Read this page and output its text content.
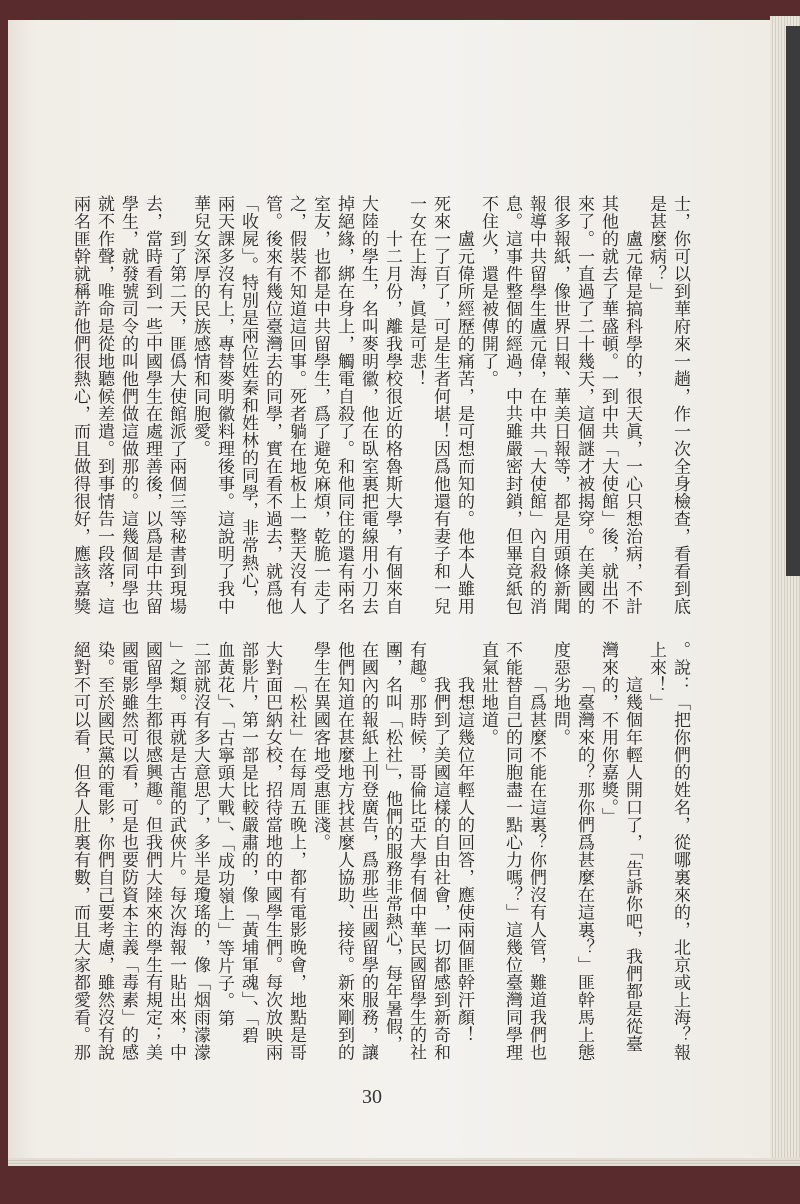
士，你可以到華府來一趟，作一次全身檢查，看看到底
是甚麼病？」
盧元偉是搞科學的，很天眞，一心只想治病，不計
其他的就去了華盛頓。一到中共「大使館」後，就出不
來了。一直過了二十幾天，這個謎才被揭穿。在美國的
很多報紙，像世界日報、華美日報等，都是用頭條新聞
報導中共留學生盧元偉，在中共「大使館」內自殺的消
息。這事件整個的經過，中共雖嚴密封鎖，但畢竟紙包
不住火，還是被傳開了。
盧元偉所經歷的痛苦，是可想而知的。他本人雖用
死來一了百了，可是生者何堪！因爲他還有妻子和一兒
一女在上海，眞是可悲！
十二月份，離我學校很近的格魯斯大學，有個來自
大陸的學生，名叫麥明徽，他在臥室裏把電線用小刀去
掉絕緣，綁在身上，觸電自殺了。和他同住的還有兩名
室友，也都是中共留學生，爲了避免麻煩，乾脆一走了
之，假裝不知道這回事。死者躺在地板上一整天沒有人
管。後來有幾位臺灣去的同學，實在看不過去，就爲他
「收屍」。特別是兩位姓秦和姓林的同學，非常熱心，
兩天課多沒有上，專替麥明徽料理後事。這說明了我中
華兒女深厚的民族感情和同胞愛。
到了第二天，匪僞大使館派了兩個三等秘書到現場
去，當時看到一些中國學生在處理善後，以爲是中共留
學生，就發號司令的叫他們做這做那的。這幾個同學也
就不作聲，唯命是從地聽候差遣。到事情告一段落，這
兩名匪幹就稱許他們很熱心，而且做得很好，應該嘉獎
。說：「把你們的姓名，從哪裏來的，北京或上海？報
上來！」
這幾個年輕人開口了，「告訴你吧，我們都是從臺
灣來的，不用你嘉獎。」
「臺灣來的？那你們爲甚麼在這裏？」匪幹馬上態
度惡劣地問。
「爲甚麼不能在這裏？你們沒有人管，難道我們也
不能替自己的同胞盡一點心力嗎？」這幾位臺灣同學理
直氣壯地道。
我想這幾位年輕人的回答，應使兩個匪幹汗顏！
我們到了美國這樣的自由社會，一切都感到新奇和
有趣。那時候，哥倫比亞大學有個中華民國留學生的社
團，名叫「松社」，他們的服務非常熱心，每年暑假，
在國內的報紙上刊登廣告，爲那些出國留學的服務，讓
他們知道在甚麼地方找甚麼人協助、接待。新來剛到的
學生在異國客地受惠匪淺。
「松社」在每周五晚上，都有電影晚會，地點是哥
大對面巴納女校，招待當地的中國學生們。每次放映兩
部影片，第一部是比較嚴肅的，像「黃埔軍魂」、「碧
血黃花」、「古寧頭大戰」、「成功嶺上」等片子。第
二部就沒有多大意思了，多半是瓊瑤的，像「烟雨濛濛
」之類。再就是古龍的武俠片。每次海報一貼出來，中
國留學生都很感興趣。但我們大陸來的學生有規定；美
國電影雖然可以看，可是也要防資本主義「毒素」的感
染。至於國民黨的電影，你們自己要考慮，雖然沒有說
絕對不可以看，但各人肚裏有數，而且大家都愛看。那
30
